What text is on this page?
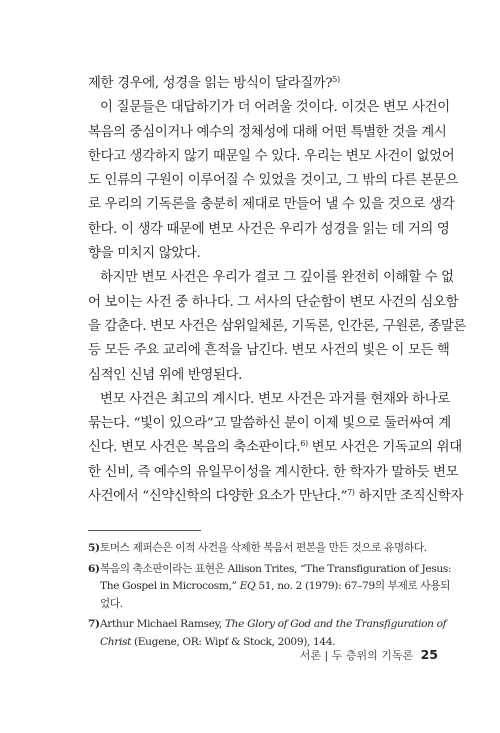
제한 경우에, 성경을 읽는 방식이 달라질까?$^{5)}$
이 질문들은 대답하기가 더 어려울 것이다. 이것은 변모 사건이
복음의 중심이거나 예수의 정체성에 대해 어떤 특별한 것을 계시
한다고 생각하지 않기 때문일 수 있다. 우리는 변모 사건이 없었어
도 인류의 구원이 이루어질 수 있었을 것이고, 그 밖의 다른 본문으
로 우리의 기독론을 충분히 제대로 만들어 낼 수 있을 것으로 생각
한다. 이 생각 때문에 변모 사건은 우리가 성경을 읽는 데 거의 영
향을 미치지 않았다.
하지만 변모 사건은 우리가 결코 그 깊이를 완전히 이해할 수 없
어 보이는 사건 중 하나다. 그 서사의 단순함이 변모 사건의 심오함
을 감춘다. 변모 사건은 삼위일체론, 기독론, 인간론, 구원론, 종말론
등 모든 주요 교리에 흔적을 남긴다. 변모 사건의 빛은 이 모든 핵
심적인 신념 위에 반영된다.
변모 사건은 최고의 계시다. 변모 사건은 과거를 현재와 하나로
묶는다. “빛이 있으라”고 말씀하신 분이 이제 빛으로 둘러싸여 계
신다. 변모 사건은 복음의 축소판이다.$^{6)}$ 변모 사건은 기독교의 위대
한 신비, 즉 예수의 유일무이성을 계시한다. 한 학자가 말하듯 변모
사건에서 “신약신학의 다양한 요소가 만난다.”$^{7)}$ 하지만 조직신학자
5)토머스 제퍼슨은 이적 사건을 삭제한 복음서 편본을 만든 것으로 유명하다.
6)복음의 축소판이라는 표현은 Allison Trites, “The Transfiguration of Jesus:
The Gospel in Microcosm,” EQ 51, no. 2 (1979): 67–79의 부제로 사용되
었다.
7)Arthur Michael Ramsey, The Glory of God and the Transfiguration of
Christ (Eugene, OR: Wipf & Stock, 2009), 144.
서론 | 두 층위의 기독론 25
